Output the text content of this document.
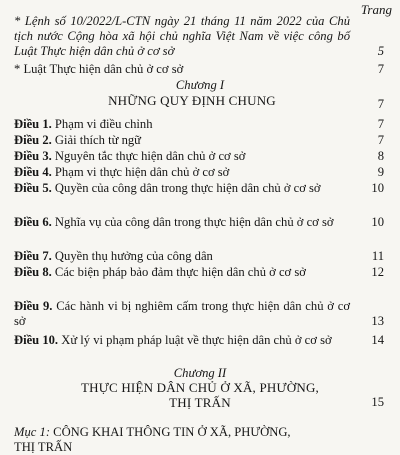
Trang
* Lệnh số 10/2022/L-CTN ngày 21 tháng 11 năm 2022 của Chủ tịch nước Cộng hòa xã hội chủ nghĩa Việt Nam về việc công bố Luật Thực hiện dân chủ ở cơ sở	5
* Luật Thực hiện dân chủ ở cơ sở	7
Chương I
NHỮNG QUY ĐỊNH CHUNG	7
Điều 1. Phạm vi điều chỉnh	7
Điều 2. Giải thích từ ngữ	7
Điều 3. Nguyên tắc thực hiện dân chủ ở cơ sở	8
Điều 4. Phạm vi thực hiện dân chủ ở cơ sở	9
Điều 5. Quyền của công dân trong thực hiện dân chủ ở cơ sở	10
Điều 6. Nghĩa vụ của công dân trong thực hiện dân chủ ở cơ sở	10
Điều 7. Quyền thụ hưởng của công dân	11
Điều 8. Các biện pháp bảo đảm thực hiện dân chủ ở cơ sở	12
Điều 9. Các hành vi bị nghiêm cấm trong thực hiện dân chủ ở cơ sở	13
Điều 10. Xử lý vi phạm pháp luật về thực hiện dân chủ ở cơ sở	14
Chương II
THỰC HIỆN DÂN CHỦ Ở XÃ, PHƯỜNG,
THỊ TRẤN	15
Mục 1: CÔNG KHAI THÔNG TIN Ở XÃ, PHƯỜNG,
THỊ TRẤN
